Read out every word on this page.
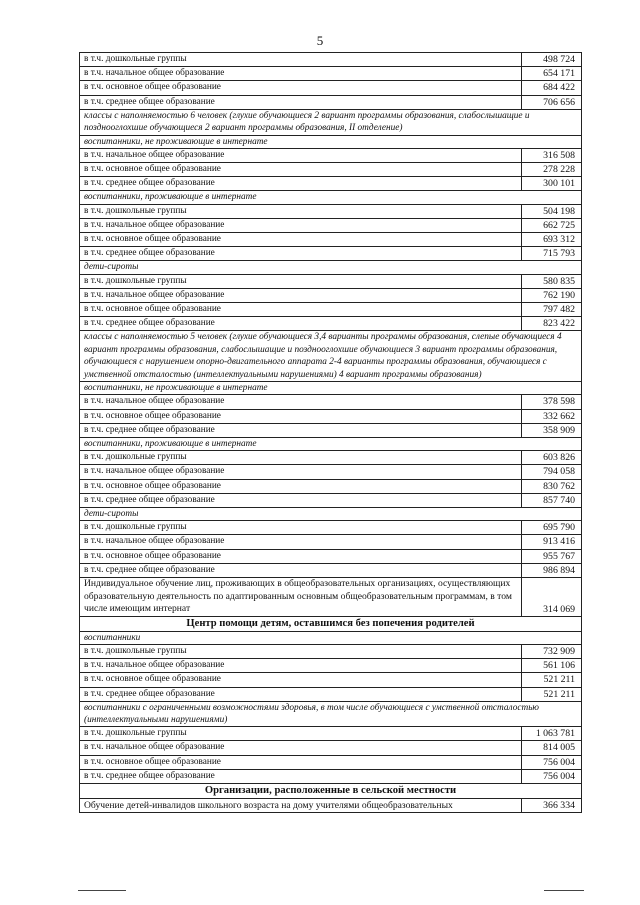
5
в т.ч. дошкольные группы	498 724
в т.ч. начальное общее образование	654 171
в т.ч. основное общее образование	684 422
в т.ч. среднее общее образование	706 656
классы с наполняемостью 6 человек (глухие обучающиеся 2 вариант программы образования, слабослышащие и позднооглохшие обучающиеся 2 вариант программы образования, II отделение)	
воспитанники, не проживающие в интернате	
в т.ч. начальное общее образование	316 508
в т.ч. основное общее образование	278 228
в т.ч. среднее общее образование	300 101
воспитанники, проживающие в интернате	
в т.ч. дошкольные группы	504 198
в т.ч. начальное общее образование	662 725
в т.ч. основное общее образование	693 312
в т.ч. среднее общее образование	715 793
дети-сироты	
в т.ч. дошкольные группы	580 835
в т.ч. начальное общее образование	762 190
в т.ч. основное общее образование	797 482
в т.ч. среднее общее образование	823 422
классы с наполняемостью 5 человек (глухие обучающиеся 3,4 варианты программы образования, слепые обучающиеся 4 вариант программы образования, слабослышащие и позднооглохшие обучающиеся 3 вариант программы образования, обучающиеся с нарушением опорно-двигательного аппарата 2-4 варианты программы образования, обучающиеся с умственной отсталостью (интеллектуальными нарушениями) 4 вариант программы образования)	
воспитанники, не проживающие в интернате	
в т.ч. начальное общее образование	378 598
в т.ч. основное общее образование	332 662
в т.ч. среднее общее образование	358 909
воспитанники, проживающие в интернате	
в т.ч. дошкольные группы	603 826
в т.ч. начальное общее образование	794 058
в т.ч. основное общее образование	830 762
в т.ч. среднее общее образование	857 740
дети-сироты	
в т.ч. дошкольные группы	695 790
в т.ч. начальное общее образование	913 416
в т.ч. основное общее образование	955 767
в т.ч. среднее общее образование	986 894
Индивидуальное обучение лиц, проживающих в общеобразовательных организациях, осуществляющих образовательную деятельность по адаптированным основным общеобразовательным программам, в том числе имеющим интернат	314 069
Центр помощи детям, оставшимся без попечения родителей	
воспитанники	
в т.ч. дошкольные группы	732 909
в т.ч. начальное общее образование	561 106
в т.ч. основное общее образование	521 211
в т.ч. среднее общее образование	521 211
воспитанники с ограниченными возможностями здоровья, в том числе обучающиеся с умственной отсталостью (интеллектуальными нарушениями)	
в т.ч. дошкольные группы	1 063 781
в т.ч. начальное общее образование	814 005
в т.ч. основное общее образование	756 004
в т.ч. среднее общее образование	756 004
Организации, расположенные в сельской местности	
Обучение детей-инвалидов школьного возраста на дому учителями общеобразовательных	366 334
